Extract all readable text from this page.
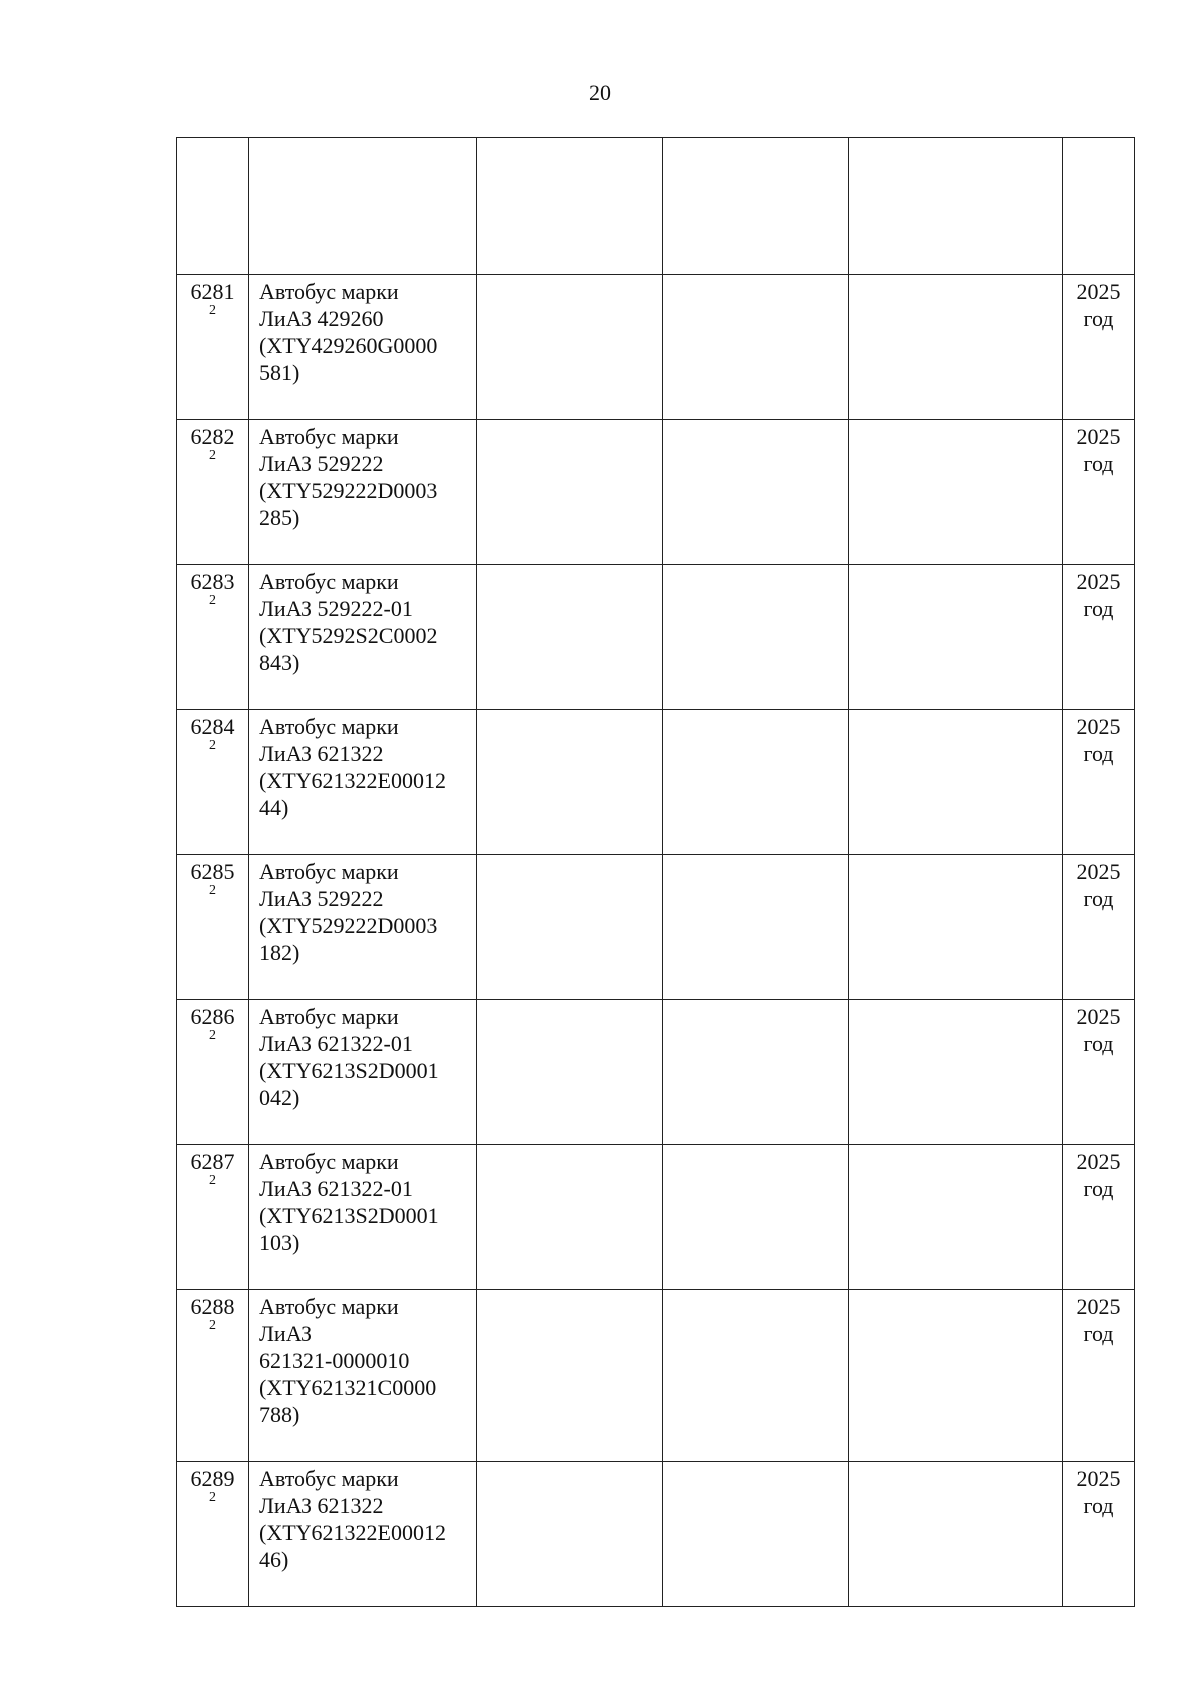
20

6281
2	Автобус марки
ЛиАЗ 429260
(XTY429260G0000
581)				2025
год

6282
2	Автобус марки
ЛиАЗ 529222
(XTY529222D0003
285)				2025
год

6283
2	Автобус марки
ЛиАЗ 529222-01
(XTY5292S2C0002
843)				2025
год

6284
2	Автобус марки
ЛиАЗ 621322
(XTY621322E00012
44)				2025
год

6285
2	Автобус марки
ЛиАЗ 529222
(XTY529222D0003
182)				2025
год

6286
2	Автобус марки
ЛиАЗ 621322-01
(XTY6213S2D0001
042)				2025
год

6287
2	Автобус марки
ЛиАЗ 621322-01
(XTY6213S2D0001
103)				2025
год

6288
2	Автобус марки
ЛиАЗ
621321-0000010
(XTY621321C0000
788)				2025
год

6289
2	Автобус марки
ЛиАЗ 621322
(XTY621322E00012
46)				2025
год
